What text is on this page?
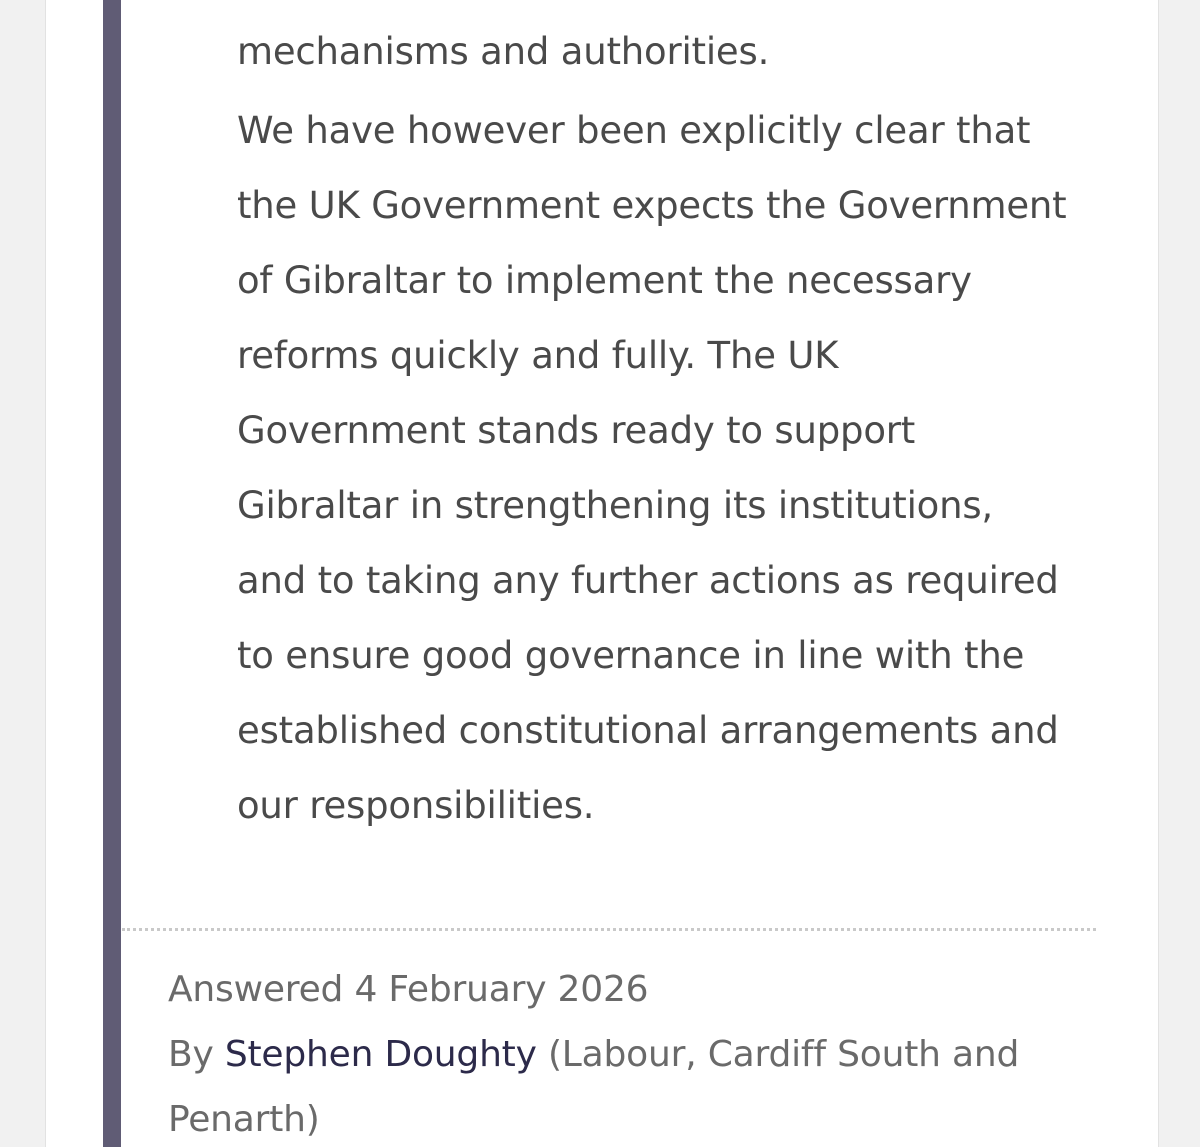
mechanisms and authorities.

We have however been explicitly clear that the UK Government expects the Government of Gibraltar to implement the necessary reforms quickly and fully. The UK Government stands ready to support Gibraltar in strengthening its institutions, and to taking any further actions as required to ensure good governance in line with the established constitutional arrangements and our responsibilities.

Answered 4 February 2026
By Stephen Doughty (Labour, Cardiff South and Penarth)
